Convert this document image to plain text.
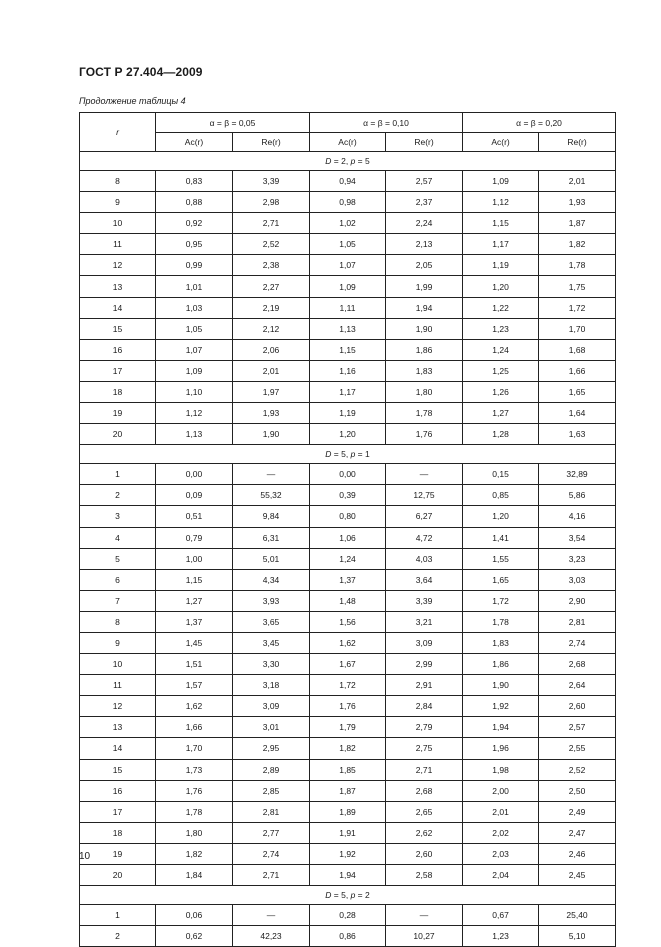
ГОСТ Р 27.404—2009
Продолжение таблицы 4
r	α = β = 0,05		α = β = 0,10		α = β = 0,20	
	Ac(r)	Re(r)	Ac(r)	Re(r)	Ac(r)	Re(r)
D = 2, p = 5						
8	0,83	3,39	0,94	2,57	1,09	2,01
9	0,88	2,98	0,98	2,37	1,12	1,93
10	0,92	2,71	1,02	2,24	1,15	1,87
11	0,95	2,52	1,05	2,13	1,17	1,82
12	0,99	2,38	1,07	2,05	1,19	1,78
13	1,01	2,27	1,09	1,99	1,20	1,75
14	1,03	2,19	1,11	1,94	1,22	1,72
15	1,05	2,12	1,13	1,90	1,23	1,70
16	1,07	2,06	1,15	1,86	1,24	1,68
17	1,09	2,01	1,16	1,83	1,25	1,66
18	1,10	1,97	1,17	1,80	1,26	1,65
19	1,12	1,93	1,19	1,78	1,27	1,64
20	1,13	1,90	1,20	1,76	1,28	1,63
D = 5, p = 1						
1	0,00	—	0,00	—	0,15	32,89
2	0,09	55,32	0,39	12,75	0,85	5,86
3	0,51	9,84	0,80	6,27	1,20	4,16
4	0,79	6,31	1,06	4,72	1,41	3,54
5	1,00	5,01	1,24	4,03	1,55	3,23
6	1,15	4,34	1,37	3,64	1,65	3,03
7	1,27	3,93	1,48	3,39	1,72	2,90
8	1,37	3,65	1,56	3,21	1,78	2,81
9	1,45	3,45	1,62	3,09	1,83	2,74
10	1,51	3,30	1,67	2,99	1,86	2,68
11	1,57	3,18	1,72	2,91	1,90	2,64
12	1,62	3,09	1,76	2,84	1,92	2,60
13	1,66	3,01	1,79	2,79	1,94	2,57
14	1,70	2,95	1,82	2,75	1,96	2,55
15	1,73	2,89	1,85	2,71	1,98	2,52
16	1,76	2,85	1,87	2,68	2,00	2,50
17	1,78	2,81	1,89	2,65	2,01	2,49
18	1,80	2,77	1,91	2,62	2,02	2,47
19	1,82	2,74	1,92	2,60	2,03	2,46
20	1,84	2,71	1,94	2,58	2,04	2,45
D = 5, p = 2						
1	0,06	—	0,28	—	0,67	25,40
2	0,62	42,23	0,86	10,27	1,23	5,10
10
